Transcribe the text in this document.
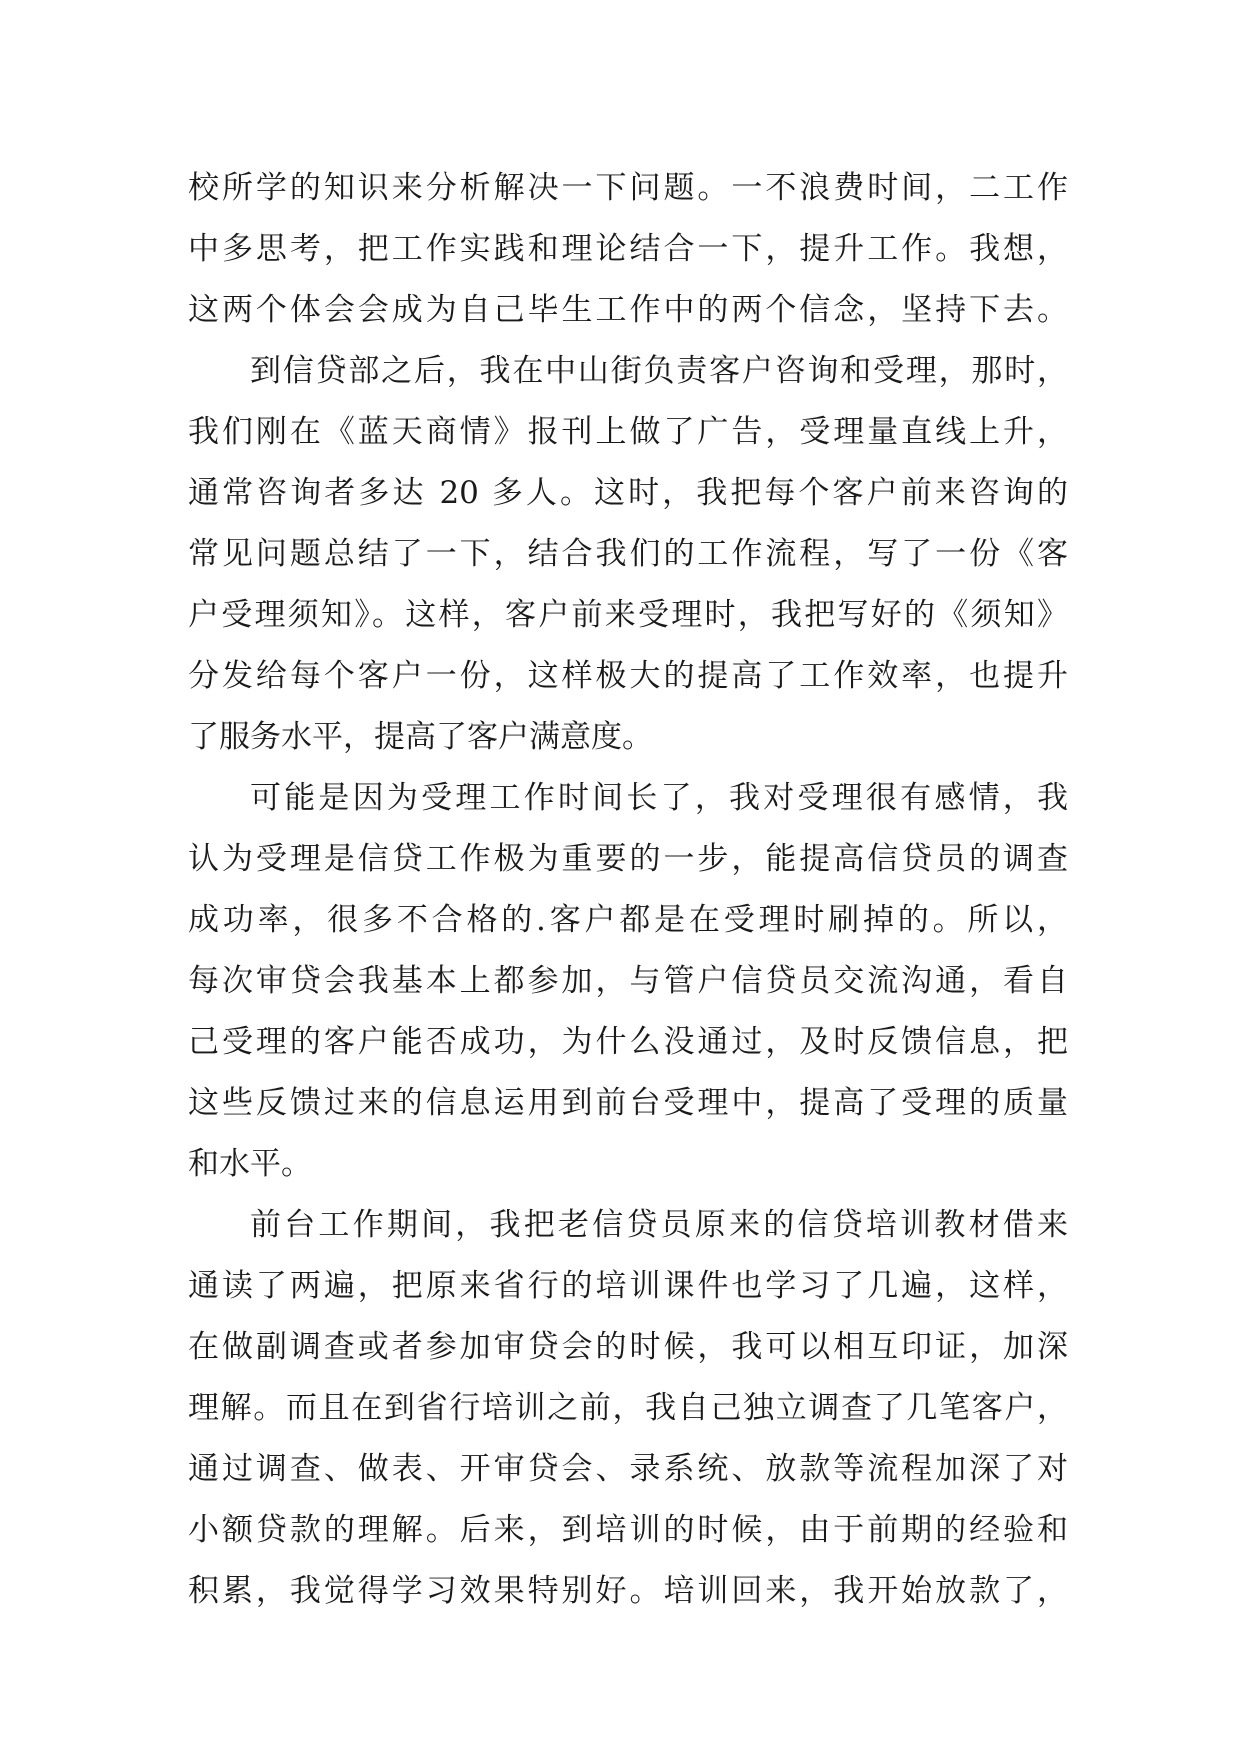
校所学的知识来分析解决一下问题。一不浪费时间，二工作
中多思考，把工作实践和理论结合一下，提升工作。我想，
这两个体会会成为自己毕生工作中的两个信念，坚持下去。
到信贷部之后，我在中山街负责客户咨询和受理，那时，
我们刚在《蓝天商情》报刊上做了广告，受理量直线上升，
通常咨询者多达 20 多人。这时，我把每个客户前来咨询的
常见问题总结了一下，结合我们的工作流程，写了一份《客
户受理须知》。这样，客户前来受理时，我把写好的《须知》
分发给每个客户一份，这样极大的提高了工作效率，也提升
了服务水平，提高了客户满意度。
可能是因为受理工作时间长了，我对受理很有感情，我
认为受理是信贷工作极为重要的一步，能提高信贷员的调查
成功率，很多不合格的.客户都是在受理时刷掉的。所以，
每次审贷会我基本上都参加，与管户信贷员交流沟通，看自
己受理的客户能否成功，为什么没通过，及时反馈信息，把
这些反馈过来的信息运用到前台受理中，提高了受理的质量
和水平。
前台工作期间，我把老信贷员原来的信贷培训教材借来
通读了两遍，把原来省行的培训课件也学习了几遍，这样，
在做副调查或者参加审贷会的时候，我可以相互印证，加深
理解。而且在到省行培训之前，我自己独立调查了几笔客户，
通过调查、做表、开审贷会、录系统、放款等流程加深了对
小额贷款的理解。后来，到培训的时候，由于前期的经验和
积累，我觉得学习效果特别好。培训回来，我开始放款了，
